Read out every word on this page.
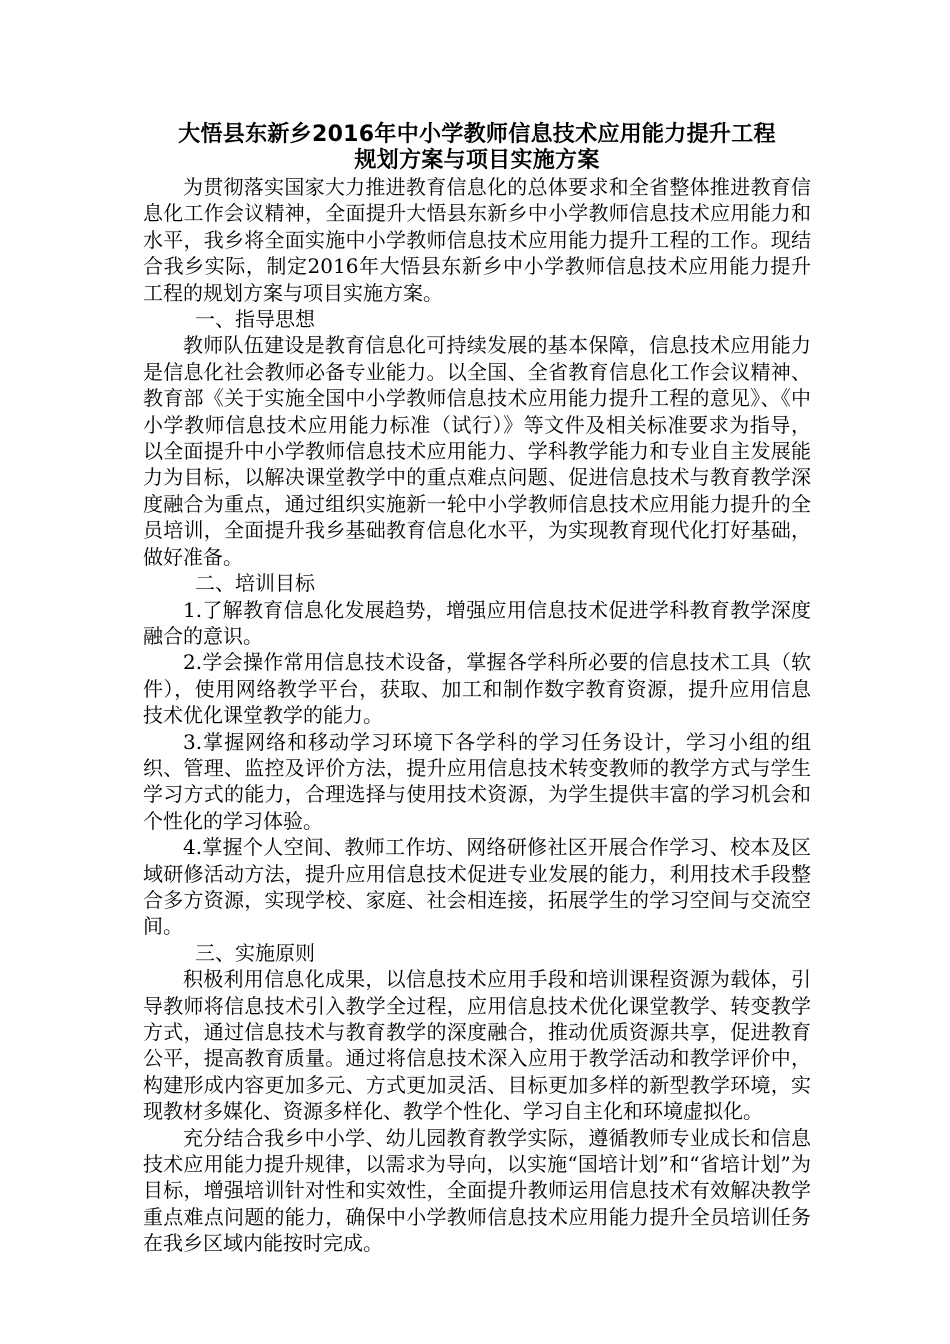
大悟县东新乡2016年中小学教师信息技术应用能力提升工程
规划方案与项目实施方案

为贯彻落实国家大力推进教育信息化的总体要求和全省整体推进教育信息化工作会议精神，全面提升大悟县东新乡中小学教师信息技术应用能力和水平，我乡将全面实施中小学教师信息技术应用能力提升工程的工作。现结合我乡实际，制定2016年大悟县东新乡中小学教师信息技术应用能力提升工程的规划方案与项目实施方案。

一、指导思想

教师队伍建设是教育信息化可持续发展的基本保障，信息技术应用能力是信息化社会教师必备专业能力。以全国、全省教育信息化工作会议精神、教育部《关于实施全国中小学教师信息技术应用能力提升工程的意见》、《中小学教师信息技术应用能力标准（试行）》等文件及相关标准要求为指导，以全面提升中小学教师信息技术应用能力、学科教学能力和专业自主发展能力为目标，以解决课堂教学中的重点难点问题、促进信息技术与教育教学深度融合为重点，通过组织实施新一轮中小学教师信息技术应用能力提升的全员培训，全面提升我乡基础教育信息化水平，为实现教育现代化打好基础，做好准备。

二、培训目标

1.了解教育信息化发展趋势，增强应用信息技术促进学科教育教学深度融合的意识。

2.学会操作常用信息技术设备，掌握各学科所必要的信息技术工具（软件），使用网络教学平台，获取、加工和制作数字教育资源，提升应用信息技术优化课堂教学的能力。

3.掌握网络和移动学习环境下各学科的学习任务设计，学习小组的组织、管理、监控及评价方法，提升应用信息技术转变教师的教学方式与学生学习方式的能力，合理选择与使用技术资源，为学生提供丰富的学习机会和个性化的学习体验。

4.掌握个人空间、教师工作坊、网络研修社区开展合作学习、校本及区域研修活动方法，提升应用信息技术促进专业发展的能力，利用技术手段整合多方资源，实现学校、家庭、社会相连接，拓展学生的学习空间与交流空间。

三、实施原则

积极利用信息化成果，以信息技术应用手段和培训课程资源为载体，引导教师将信息技术引入教学全过程，应用信息技术优化课堂教学、转变教学方式，通过信息技术与教育教学的深度融合，推动优质资源共享，促进教育公平，提高教育质量。通过将信息技术深入应用于教学活动和教学评价中，构建形成内容更加多元、方式更加灵活、目标更加多样的新型教学环境，实现教材多媒化、资源多样化、教学个性化、学习自主化和环境虚拟化。

充分结合我乡中小学、幼儿园教育教学实际，遵循教师专业成长和信息技术应用能力提升规律，以需求为导向，以实施“国培计划”和“省培计划”为目标，增强培训针对性和实效性，全面提升教师运用信息技术有效解决教学重点难点问题的能力，确保中小学教师信息技术应用能力提升全员培训任务在我乡区域内能按时完成。
